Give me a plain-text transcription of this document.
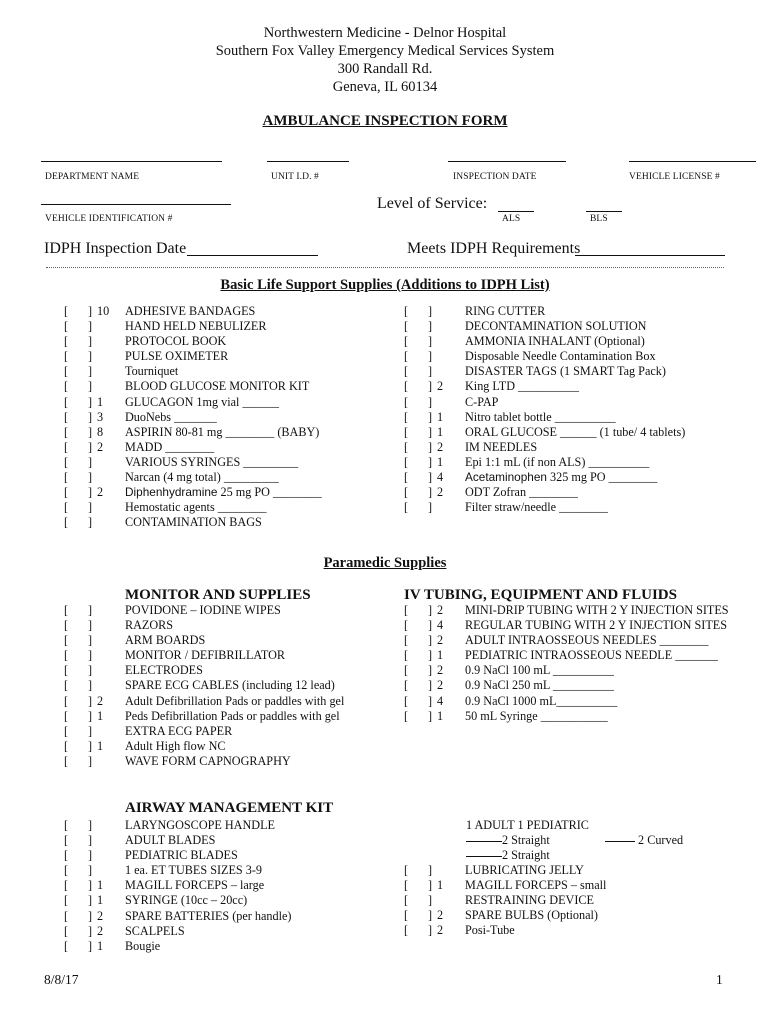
Northwestern Medicine - Delnor Hospital
Southern Fox Valley Emergency Medical Services System
300 Randall Rd.
Geneva, IL 60134
AMBULANCE INSPECTION FORM
DEPARTMENT NAME	UNIT I.D. #	INSPECTION DATE	VEHICLE LICENSE #
VEHICLE IDENTIFICATION #
Level of Service:
ALS	BLS
IDPH Inspection Date	Meets IDPH Requirements
Basic Life Support Supplies (Additions to IDPH List)
[ ] 10 ADHESIVE BANDAGES
[ ]	HAND HELD NEBULIZER
[ ]	PROTOCOL BOOK
[ ]	PULSE OXIMETER
[ ]	Tourniquet
[ ]	BLOOD GLUCOSE MONITOR KIT
[ ] 1 GLUCAGON 1mg vial ______
[ ] 3 DuoNebs _______
[ ] 8 ASPIRIN 80-81 mg ________ (BABY)
[ ] 2 MADD ________
[ ]	VARIOUS SYRINGES _________
[ ]	Narcan (4 mg total) _________
[ ] 2 Diphenhydramine 25 mg PO ________
[ ]	Hemostatic agents ________
[ ]	CONTAMINATION BAGS
[ ]	RING CUTTER
[ ]	DECONTAMINATION SOLUTION
[ ]	AMMONIA INHALANT (Optional)
[ ]	Disposable Needle Contamination Box
[ ]	DISASTER TAGS (1 SMART Tag Pack)
[ ] 2 King LTD __________
[ ]	C-PAP
[ ] 1 Nitro tablet bottle __________
[ ] 1 ORAL GLUCOSE ______ (1 tube/ 4 tablets)
[ ] 2 IM NEEDLES
[ ] 1 Epi 1:1 mL (if non ALS) __________
[ ] 4 Acetaminophen 325 mg PO ________
[ ] 2 ODT Zofran ________
[ ]	Filter straw/needle ________
Paramedic Supplies
MONITOR AND SUPPLIES	IV TUBING, EQUIPMENT AND FLUIDS
[ ]	POVIDONE – IODINE WIPES
[ ]	RAZORS
[ ]	ARM BOARDS
[ ]	MONITOR / DEFIBRILLATOR
[ ]	ELECTRODES
[ ]	SPARE ECG CABLES (including 12 lead)
[ ] 2 Adult Defibrillation Pads or paddles with gel
[ ] 1 Peds Defibrillation Pads or paddles with gel
[ ]	EXTRA ECG PAPER
[ ] 1 Adult High flow NC
[ ]	WAVE FORM CAPNOGRAPHY
[ ] 2 MINI-DRIP TUBING WITH 2 Y INJECTION SITES
[ ] 4 REGULAR TUBING WITH 2 Y INJECTION SITES
[ ] 2 ADULT INTRAOSSEOUS NEEDLES ________
[ ] 1 PEDIATRIC INTRAOSSEOUS NEEDLE _______
[ ] 2 0.9 NaCl 100 mL __________
[ ] 2 0.9 NaCl 250 mL __________
[ ] 4 0.9 NaCl 1000 mL__________
[ ] 1 50 mL Syringe ___________
AIRWAY MANAGEMENT KIT
[ ]	LARYNGOSCOPE HANDLE
[ ]	ADULT BLADES
[ ]	PEDIATRIC BLADES
[ ]	1 ea. ET TUBES SIZES 3-9
[ ] 1 MAGILL FORCEPS – large
[ ] 1 SYRINGE (10cc – 20cc)
[ ] 2 SPARE BATTERIES (per handle)
[ ] 2 SCALPELS
[ ] 1 Bougie
1 ADULT 1 PEDIATRIC
2 Straight	2 Curved
2 Straight
[ ]	LUBRICATING JELLY
[ ] 1 MAGILL FORCEPS – small
[ ]	RESTRAINING DEVICE
[ ] 2 SPARE BULBS (Optional)
[ ] 2 Posi-Tube
8/8/17	1
